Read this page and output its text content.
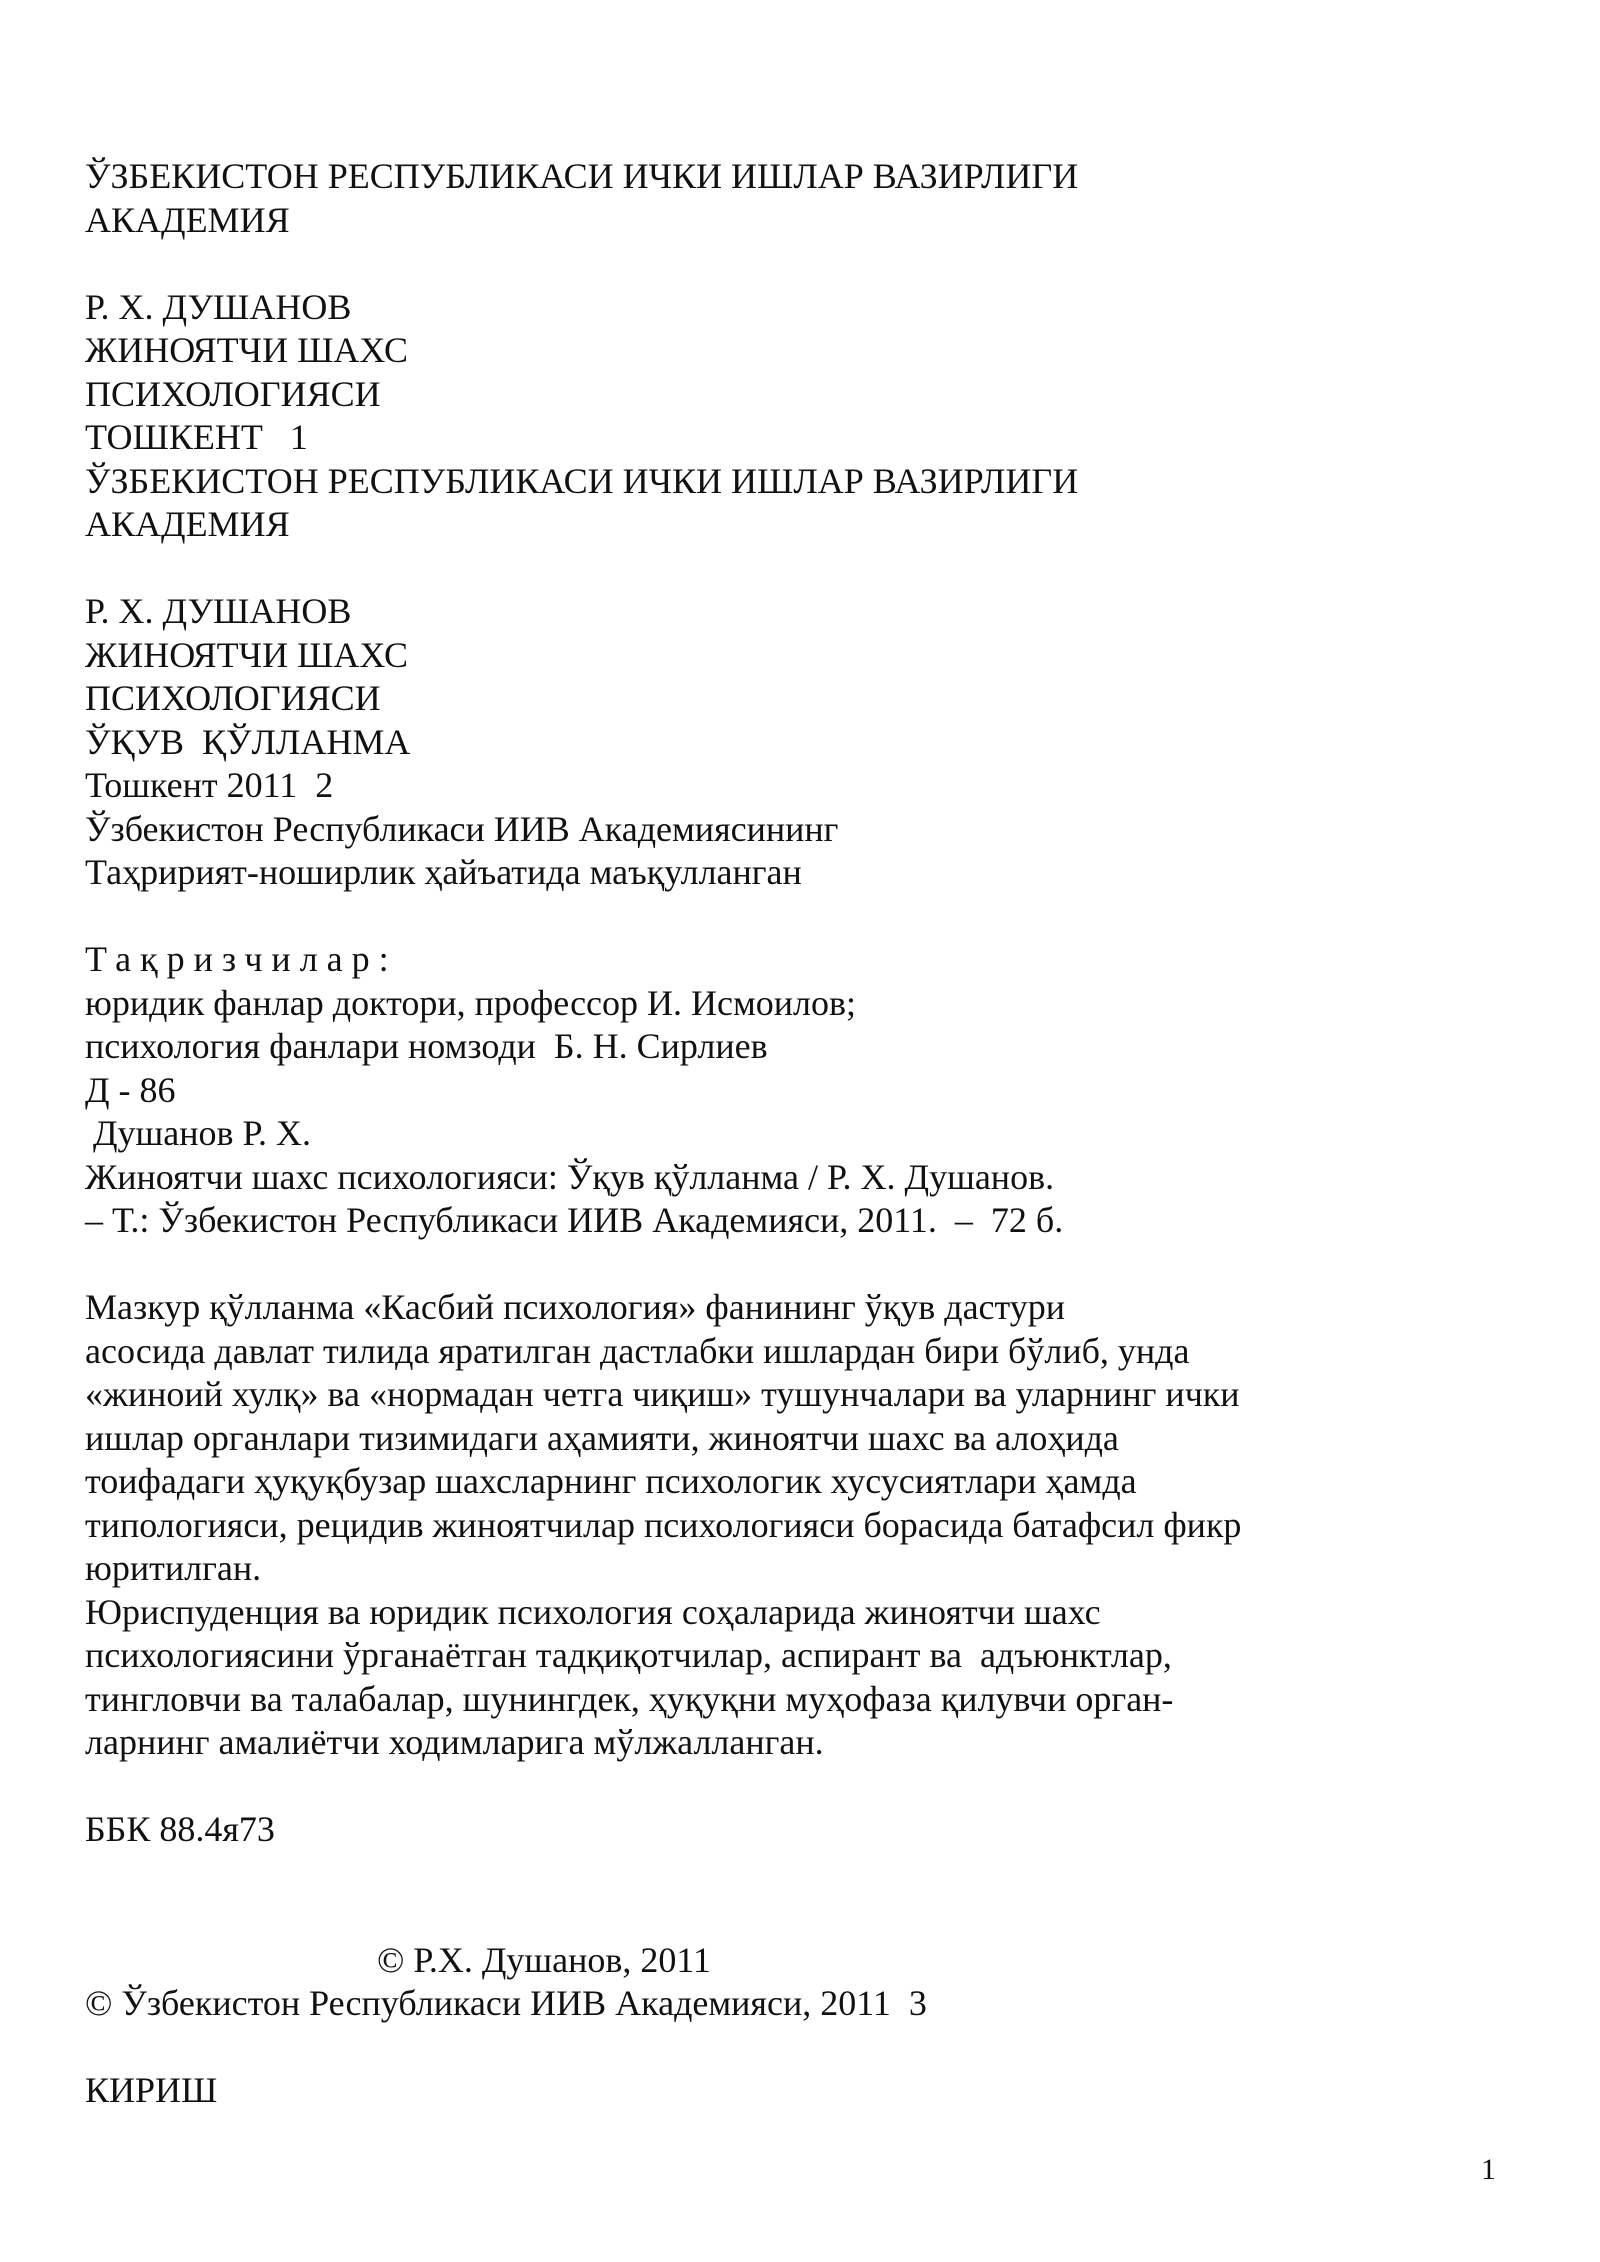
ЎЗБЕКИСТОН РЕСПУБЛИКАСИ ИЧКИ ИШЛАР ВАЗИРЛИГИ
АКАДЕМИЯ
Р. Х. ДУШАНОВ
ЖИНОЯТЧИ ШАХС
ПСИХОЛОГИЯСИ
ТОШКЕНТ   1
ЎЗБЕКИСТОН РЕСПУБЛИКАСИ ИЧКИ ИШЛАР ВАЗИРЛИГИ
АКАДЕМИЯ
Р. Х. ДУШАНОВ
ЖИНОЯТЧИ ШАХС
ПСИХОЛОГИЯСИ
ЎҚУВ  ҚЎЛЛАНМА
Тошкент 2011  2
Ўзбекистон Республикаси ИИВ Академиясининг
Таҳририят-ноширлик ҳайъатида маъқулланган
Тақризчилар:
юридик фанлар доктори, профессор И. Исмоилов;
психология фанлари номзоди  Б. Н. Сирлиев
Д - 86
Душанов Р. Х.
Жиноятчи шахс психологияси: Ўқув қўлланма / Р. Х. Душанов.
– Т.: Ўзбекистон Республикаси ИИВ Академияси, 2011.  –  72 б.
Мазкур қўлланма «Касбий психология» фанининг ўқув дастури
асосида давлат тилида яратилган дастлабки ишлардан бири бўлиб, унда
«жиноий хулқ» ва «нормадан четга чиқиш» тушунчалари ва уларнинг ички
ишлар органлари тизимидаги аҳамияти, жиноятчи шахс ва алоҳида
тоифадаги ҳуқуқбузар шахсларнинг психологик хусусиятлари ҳамда
типологияси, рецидив жиноятчилар психологияси борасида батафсил фикр
юритилган.
Юриспуденция ва юридик психология соҳаларида жиноятчи шахс
психологиясини ўрганаётган тадқиқотчилар, аспирант ва  адъюнктлар,
тингловчи ва талабалар, шунингдек, ҳуқуқни муҳофаза қилувчи орган-
ларнинг амалиётчи ходимларига мўлжалланган.
ББК 88.4я73
© Р.Х. Душанов, 2011
© Ўзбекистон Республикаси ИИВ Академияси, 2011  3
КИРИШ
1
